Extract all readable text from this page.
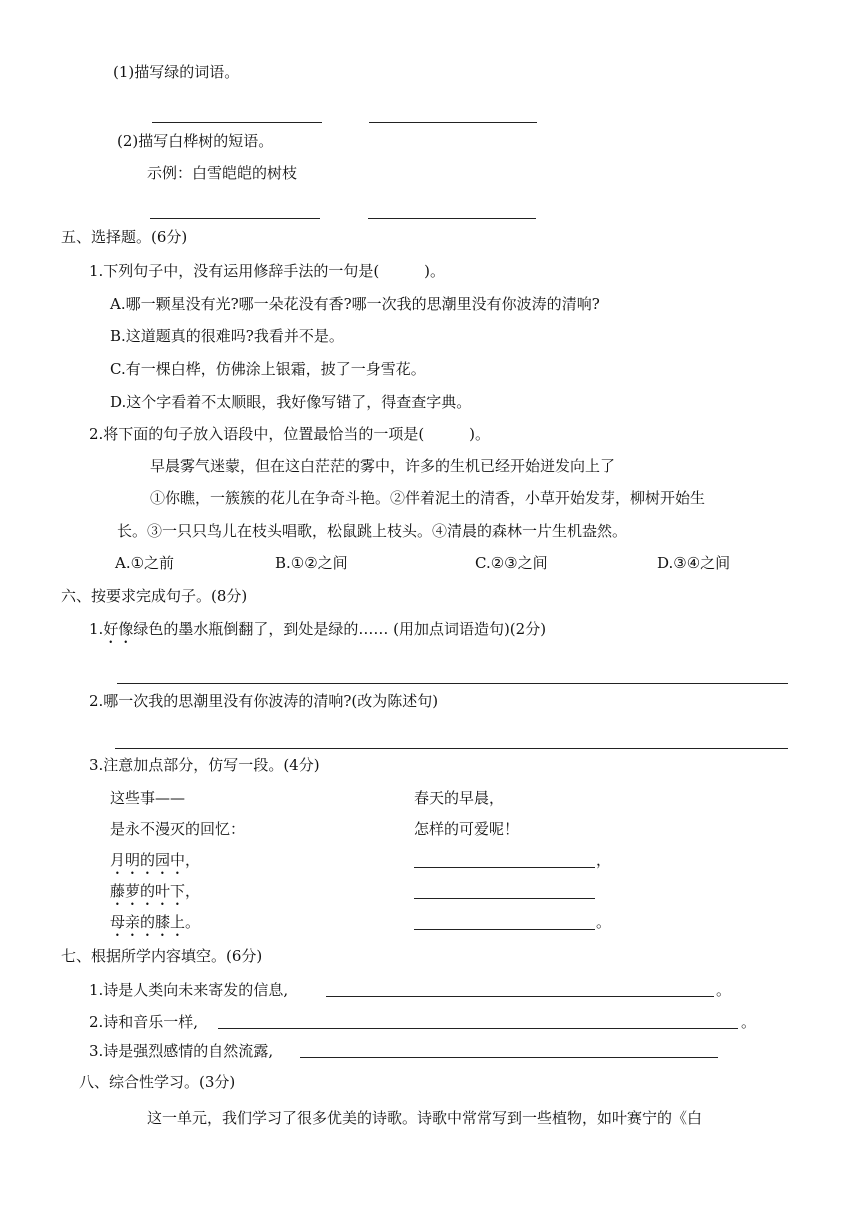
(1)描写绿的词语。
(2)描写白桦树的短语。
示例：白雪皑皑的树枝
五、选择题。(6分)
1.下列句子中，没有运用修辞手法的一句是(　　　)。
A.哪一颗星没有光?哪一朵花没有香?哪一次我的思潮里没有你波涛的清响?
B.这道题真的很难吗?我看并不是。
C.有一棵白桦，仿佛涂上银霜，披了一身雪花。
D.这个字看着不太顺眼，我好像写错了，得查查字典。
2.将下面的句子放入语段中，位置最恰当的一项是(　　　)。
早晨雾气迷蒙，但在这白茫茫的雾中，许多的生机已经开始迸发向上了
①你瞧，一簇簇的花儿在争奇斗艳。②伴着泥土的清香，小草开始发芽，柳树开始生
长。③一只只鸟儿在枝头唱歌，松鼠跳上枝头。④清晨的森林一片生机盎然。
A.①之前	B.①②之间	C.②③之间	D.③④之间
六、按要求完成句子。(8分)
1.好像绿色的墨水瓶倒翻了，到处是绿的…… (用加点词语造句)(2分)
2.哪一次我的思潮里没有你波涛的清响?(改为陈述句)
3.注意加点部分，仿写一段。(4分)
这些事——
是永不漫灭的回忆：
月明的园中，
藤萝的叶下，
母亲的膝上。
春天的早晨，
怎样的可爱呢！
，
。
七、根据所学内容填空。(6分)
1.诗是人类向未来寄发的信息,	。
2.诗和音乐一样,	。
3.诗是强烈感情的自然流露,
八、综合性学习。(3分)
这一单元，我们学习了很多优美的诗歌。诗歌中常常写到一些植物，如叶赛宁的《白
